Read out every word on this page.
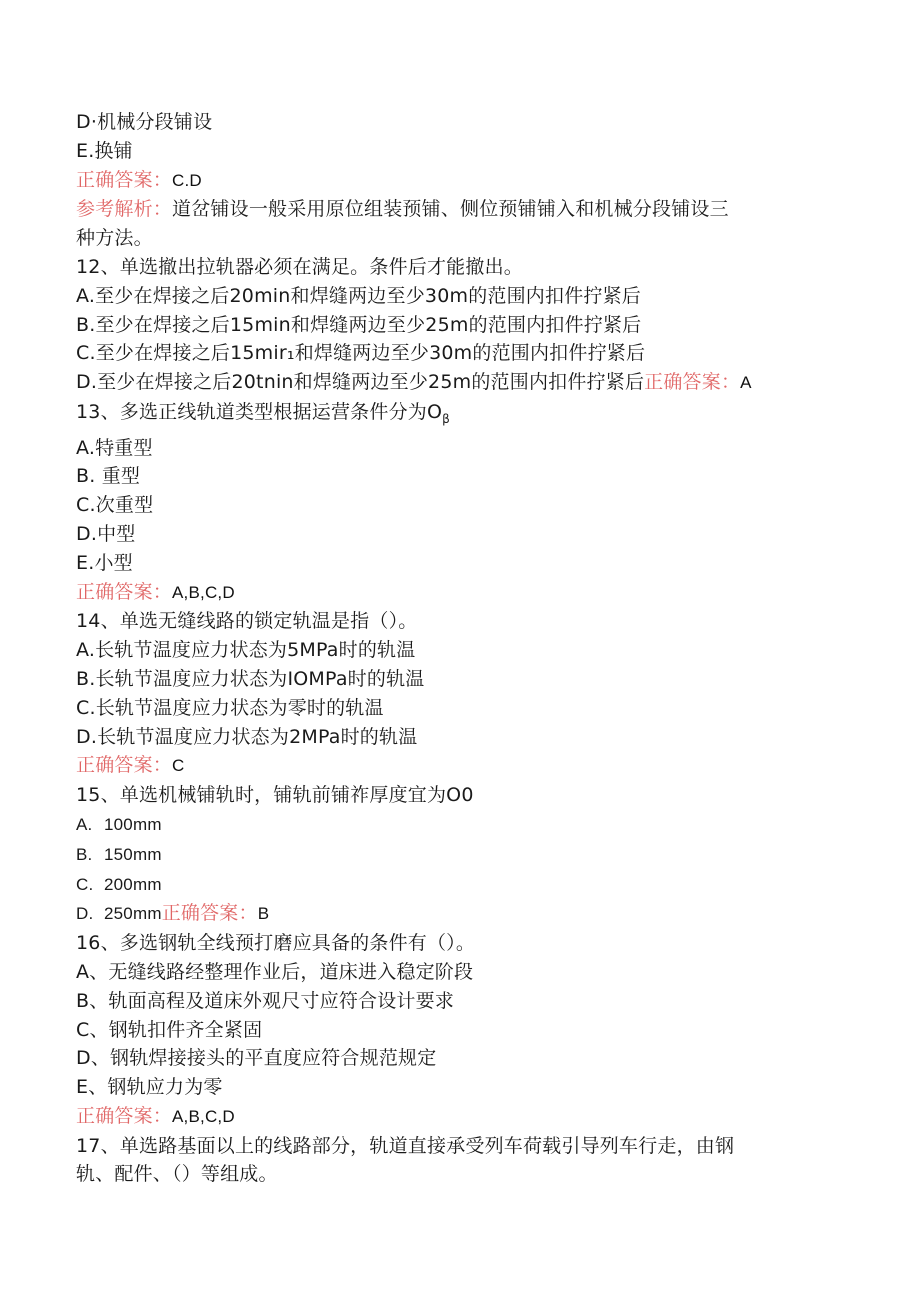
D·机械分段铺设
E.换铺
正确答案：C.D
参考解析：道岔铺设一般采用原位组装预铺、侧位预铺铺入和机械分段铺设三
种方法。
12、单选撤出拉轨器必须在满足。条件后才能撤出。
A.至少在焊接之后20min和焊缝两边至少30m的范围内扣件拧紧后
B.至少在焊接之后15min和焊缝两边至少25m的范围内扣件拧紧后
C.至少在焊接之后15mir₁和焊缝两边至少30m的范围内扣件拧紧后
D.至少在焊接之后20tnin和焊缝两边至少25m的范围内扣件拧紧后正确答案：A
13、多选正线轨道类型根据运营条件分为$O_\beta$
A.特重型
B. 重型
C.次重型
D.中型
E.小型
正确答案：A,B,C,D
14、单选无缝线路的锁定轨温是指（）。
A.长轨节温度应力状态为5MPa时的轨温
B.长轨节温度应力状态为IOMPa时的轨温
C.长轨节温度应力状态为零时的轨温
D.长轨节温度应力状态为2MPa时的轨温
正确答案：C
15、单选机械铺轨时，铺轨前铺祚厚度宜为O0
A. 100mm
B. 150mm
C. 200mm
D. 250mm正确答案：B
16、多选钢轨全线预打磨应具备的条件有（）。
A、无缝线路经整理作业后，道床进入稳定阶段
B、轨面高程及道床外观尺寸应符合设计要求
C、钢轨扣件齐全紧固
D、钢轨焊接接头的平直度应符合规范规定
E、钢轨应力为零
正确答案：A,B,C,D
17、单选路基面以上的线路部分，轨道直接承受列车荷载引导列车行走，由钢
轨、配件、（）等组成。
